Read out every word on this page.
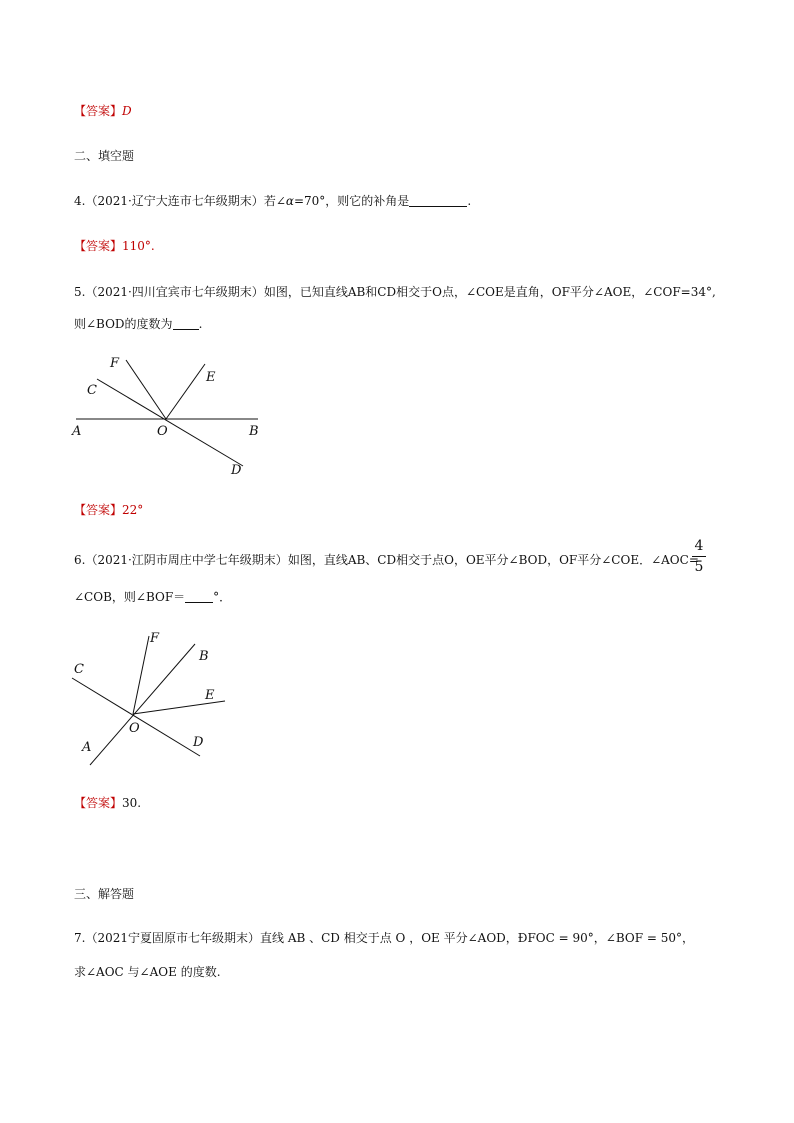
【答案】D
二、填空题
4.（2021·辽宁大连市七年级期末）若∠α=70°，则它的补角是	.
【答案】110°.
5.（2021·四川宜宾市七年级期末）如图，已知直线AB和CD相交于O点，∠COE是直角，OF平分∠AOE，∠COF=34°,
则∠BOD的度数为 .
F
E
C
A	O	B
D
【答案】22°
6.（2021·江阴市周庄中学七年级期末）如图，直线AB、CD相交于点O，OE平分∠BOD，OF平分∠COE．∠AOC=
4
5
∠COB，则∠BOF＝ °．
F
B
C
E
O
A	D
【答案】30.
三、解答题
7.（2021宁夏固原市七年级期末）直线 AB 、CD 相交于点 O ，OE 平分∠AOD，ÐFOC = 90°，∠BOF = 50°，
求∠AOC 与∠AOE 的度数.
